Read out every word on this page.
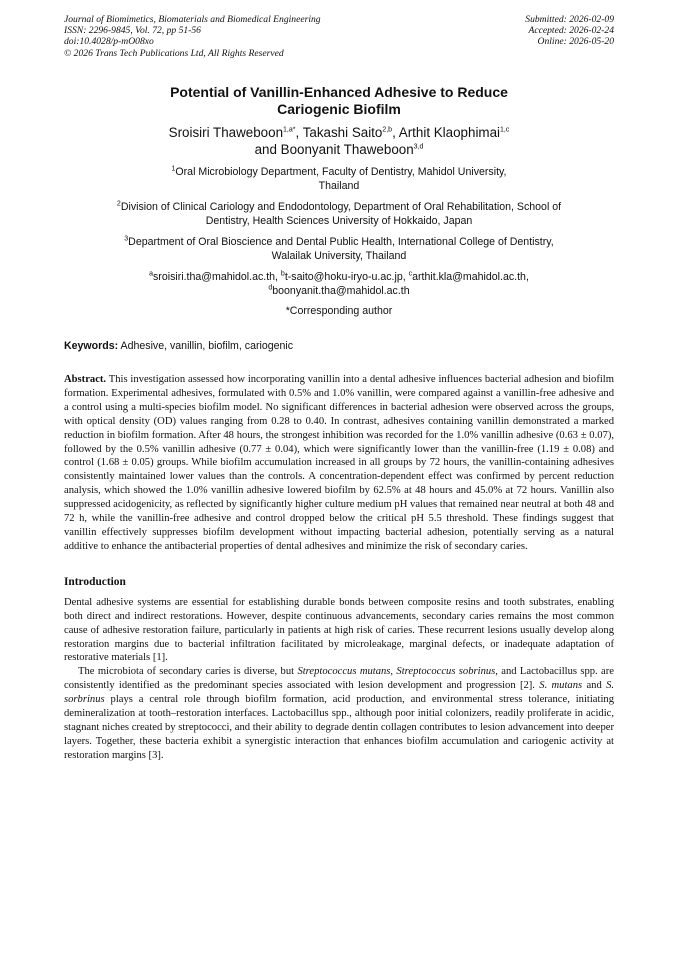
Journal of Biomimetics, Biomaterials and Biomedical Engineering
ISSN: 2296-9845, Vol. 72, pp 51-56
doi:10.4028/p-mO08xo
© 2026 Trans Tech Publications Ltd, All Rights Reserved
Submitted: 2026-02-09
Accepted: 2026-02-24
Online: 2026-05-20
Potential of Vanillin-Enhanced Adhesive to Reduce
Cariogenic Biofilm
Sroisiri Thaweboon$^{1,a*}$, Takashi Saito$^{2,b}$, Arthit Klaophimai$^{1,c}$
and Boonyanit Thaweboon$^{3,d}$
$^1$Oral Microbiology Department, Faculty of Dentistry, Mahidol University,
Thailand
$^2$Division of Clinical Cariology and Endodontology, Department of Oral Rehabilitation, School of
Dentistry, Health Sciences University of Hokkaido, Japan
$^3$Department of Oral Bioscience and Dental Public Health, International College of Dentistry,
Walailak University, Thailand
$^a$sroisiri.tha@mahidol.ac.th, $^b$t-saito@hoku-iryo-u.ac.jp, $^c$arthit.kla@mahidol.ac.th,
$^d$boonyanit.tha@mahidol.ac.th
*Corresponding author
Keywords: Adhesive, vanillin, biofilm, cariogenic
Abstract. This investigation assessed how incorporating vanillin into a dental adhesive influences bacterial adhesion and biofilm formation. Experimental adhesives, formulated with 0.5% and 1.0% vanillin, were compared against a vanillin-free adhesive and a control using a multi-species biofilm model. No significant differences in bacterial adhesion were observed across the groups, with optical density (OD) values ranging from 0.28 to 0.40. In contrast, adhesives containing vanillin demonstrated a marked reduction in biofilm formation. After 48 hours, the strongest inhibition was recorded for the 1.0% vanillin adhesive (0.63 ± 0.07), followed by the 0.5% vanillin adhesive (0.77 ± 0.04), which were significantly lower than the vanillin-free (1.19 ± 0.08) and control (1.68 ± 0.05) groups. While biofilm accumulation increased in all groups by 72 hours, the vanillin-containing adhesives consistently maintained lower values than the controls. A concentration-dependent effect was confirmed by percent reduction analysis, which showed the 1.0% vanillin adhesive lowered biofilm by 62.5% at 48 hours and 45.0% at 72 hours. Vanillin also suppressed acidogenicity, as reflected by significantly higher culture medium pH values that remained near neutral at both 48 and 72 h, while the vanillin-free adhesive and control dropped below the critical pH 5.5 threshold. These findings suggest that vanillin effectively suppresses biofilm development without impacting bacterial adhesion, potentially serving as a natural additive to enhance the antibacterial properties of dental adhesives and minimize the risk of secondary caries.
Introduction
Dental adhesive systems are essential for establishing durable bonds between composite resins and tooth substrates, enabling both direct and indirect restorations. However, despite continuous advancements, secondary caries remains the most common cause of adhesive restoration failure, particularly in patients at high risk of caries. These recurrent lesions usually develop along restoration margins due to bacterial infiltration facilitated by microleakage, marginal defects, or inadequate adaptation of restorative materials [1].
The microbiota of secondary caries is diverse, but Streptococcus mutans, Streptococcus sobrinus, and Lactobacillus spp. are consistently identified as the predominant species associated with lesion development and progression [2]. S. mutans and S. sorbrinus plays a central role through biofilm formation, acid production, and environmental stress tolerance, initiating demineralization at tooth–restoration interfaces. Lactobacillus spp., although poor initial colonizers, readily proliferate in acidic, stagnant niches created by streptococci, and their ability to degrade dentin collagen contributes to lesion advancement into deeper layers. Together, these bacteria exhibit a synergistic interaction that enhances biofilm accumulation and cariogenic activity at restoration margins [3].
